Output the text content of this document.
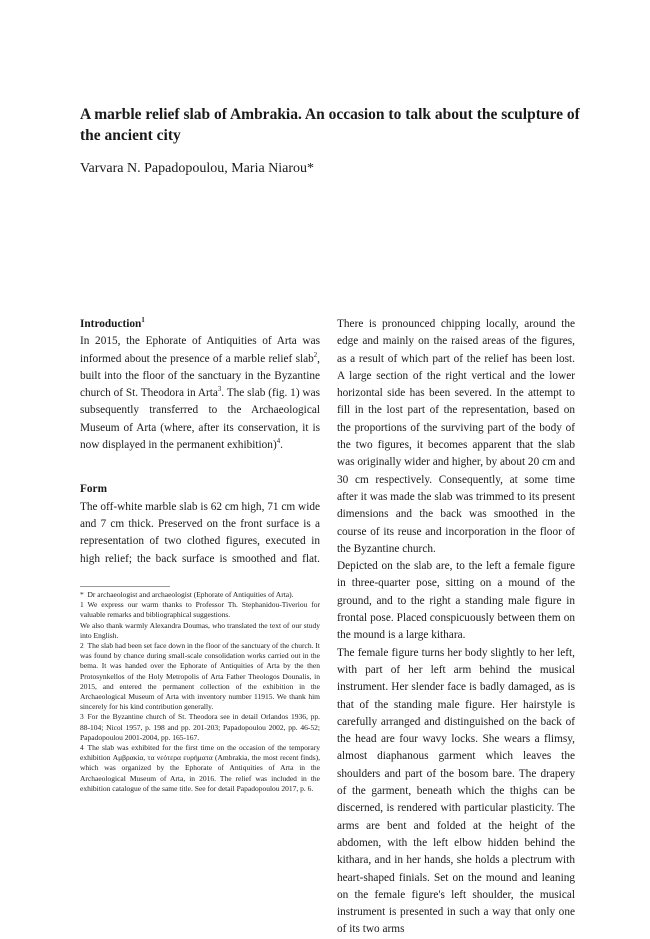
A marble relief slab of Ambrakia. An occasion to talk about the sculpture of the ancient city
Varvara N. Papadopoulou, Maria Niarou*

Introduction$^1$

In 2015, the Ephorate of Antiquities of Arta was informed about the presence of a marble relief slab$^2$, built into the floor of the sanctuary in the Byzantine church of St. Theodora in Arta$^3$. The slab (fig. 1) was subsequently transferred to the Archaeological Museum of Arta (where, after its conservation, it is now displayed in the permanent exhibition)$^4$.

Form

The off-white marble slab is 62 cm high, 71 cm wide and 7 cm thick. Preserved on the front surface is a representation of two clothed figures, executed in high relief; the back surface is smoothed and flat.

* Dr archaeologist and archaeologist (Ephorate of Antiquities of Arta).

1 We express our warm thanks to Professor Th. Stephanidou-Tiveriou for valuable remarks and bibliographical suggestions.

We also thank warmly Alexandra Doumas, who translated the text of our study into English.

2 The slab had been set face down in the floor of the sanctuary of the church. It was found by chance during small-scale consolidation works carried out in the bema. It was handed over the Ephorate of Antiquities of Arta by the then Protosynkellos of the Holy Metropolis of Arta Father Theologos Dounalis, in 2015, and entered the permanent collection of the exhibition in the Archaeological Museum of Arta with inventory number 11915. We thank him sincerely for his kind contribution generally.

3 For the Byzantine church of St. Theodora see in detail Orlandos 1936, pp. 88-104; Nicol 1957, p. 198 and pp. 201-203; Papadopoulou 2002, pp. 46-52; Papadopoulou 2001-2004, pp. 165-167.

4 The slab was exhibited for the first time on the occasion of the temporary exhibition Αμβρακία, τα νεότερα ευρήματα (Ambrakia, the most recent finds), which was organized by the Ephorate of Antiquities of Arta in the Archaeological Museum of Arta, in 2016. The relief was included in the exhibition catalogue of the same title. See for detail Papadopoulou 2017, p. 6.

There is pronounced chipping locally, around the edge and mainly on the raised areas of the figures, as a result of which part of the relief has been lost. A large section of the right vertical and the lower horizontal side has been severed. In the attempt to fill in the lost part of the representation, based on the proportions of the surviving part of the body of the two figures, it becomes apparent that the slab was originally wider and higher, by about 20 cm and 30 cm respectively. Consequently, at some time after it was made the slab was trimmed to its present dimensions and the back was smoothed in the course of its reuse and incorporation in the floor of the Byzantine church.

Depicted on the slab are, to the left a female figure in three-quarter pose, sitting on a mound of the ground, and to the right a standing male figure in frontal pose. Placed conspicuously between them on the mound is a large kithara.

The female figure turns her body slightly to her left, with part of her left arm behind the musical instrument. Her slender face is badly damaged, as is that of the standing male figure. Her hairstyle is carefully arranged and distinguished on the back of the head are four wavy locks. She wears a flimsy, almost diaphanous garment which leaves the shoulders and part of the bosom bare. The drapery of the garment, beneath which the thighs can be discerned, is rendered with particular plasticity. The arms are bent and folded at the height of the abdomen, with the left elbow hidden behind the kithara, and in her hands, she holds a plectrum with heart-shaped finials. Set on the mound and leaning on the female figure's left shoulder, the musical instrument is presented in such a way that only one of its two arms
